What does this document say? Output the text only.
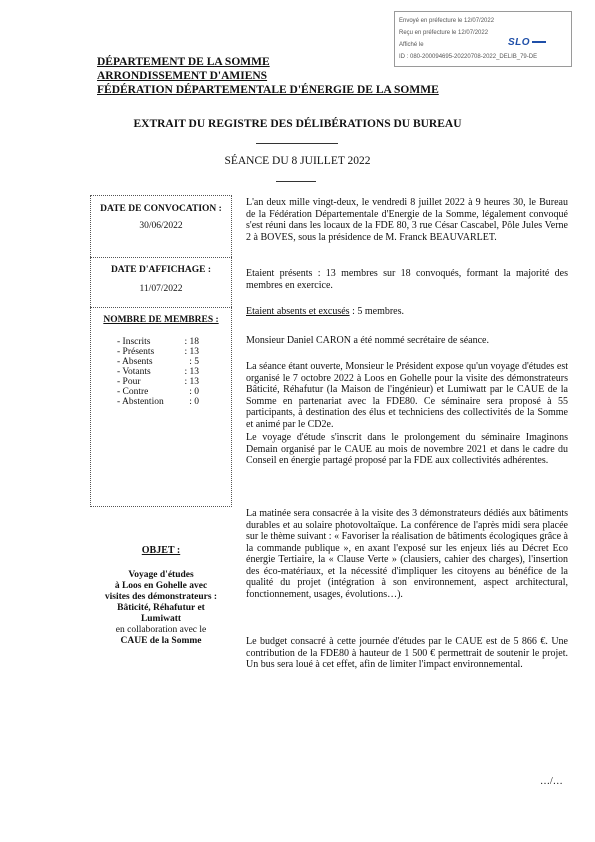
Envoyé en préfecture le 12/07/2022
Reçu en préfecture le 12/07/2022
Affiché le
ID : 080-200094695-20220708-2022_DELIB_79-DE
SLO
DÉPARTEMENT DE LA SOMME
ARRONDISSEMENT D'AMIENS
FÉDÉRATION DÉPARTEMENTALE D'ÉNERGIE DE LA SOMME
EXTRAIT DU REGISTRE DES DÉLIBÉRATIONS DU BUREAU
SÉANCE DU 8 JUILLET 2022
DATE DE CONVOCATION :
30/06/2022
DATE D'AFFICHAGE :
11/07/2022
NOMBRE DE MEMBRES :
- Inscrits	: 18
- Présents	: 13
- Absents	: 5
- Votants	: 13
- Pour	: 13
- Contre	: 0
- Abstention	: 0
OBJET :
Voyage d'études
à Loos en Gohelle avec
visites des démonstrateurs :
Bâticité, Réhafutur et
Lumiwatt
en collaboration avec le
CAUE de la Somme
L'an deux mille vingt-deux, le vendredi 8 juillet 2022 à 9 heures 30, le Bureau de la Fédération Départementale d'Energie de la Somme, légalement convoqué s'est réuni dans les locaux de la FDE 80, 3 rue César Cascabel, Pôle Jules Verne 2 à BOVES, sous la présidence de M. Franck BEAUVARLET.
Etaient présents : 13 membres sur 18 convoqués, formant la majorité des membres en exercice.
Etaient absents et excusés : 5 membres.
Monsieur Daniel CARON a été nommé secrétaire de séance.
La séance étant ouverte, Monsieur le Président expose qu'un voyage d'études est organisé le 7 octobre 2022 à Loos en Gohelle pour la visite des démonstrateurs Bâticité, Réhafutur (la Maison de l'ingénieur) et Lumiwatt par le CAUE de la Somme en partenariat avec la FDE80. Ce séminaire sera proposé à 55 participants, à destination des élus et techniciens des collectivités de la Somme et animé par le CD2e.
Le voyage d'étude s'inscrit dans le prolongement du séminaire Imaginons Demain organisé par le CAUE au mois de novembre 2021 et dans le cadre du Conseil en énergie partagé proposé par la FDE aux collectivités adhérentes.
La matinée sera consacrée à la visite des 3 démonstrateurs dédiés aux bâtiments durables et au solaire photovoltaïque. La conférence de l'après midi sera placée sur le thème suivant : « Favoriser la réalisation de bâtiments écologiques grâce à la commande publique », en axant l'exposé sur les enjeux liés au Décret Eco énergie Tertiaire, la « Clause Verte » (clausiers, cahier des charges), l'insertion des éco-matériaux, et la nécessité d'impliquer les citoyens au bénéfice de la qualité du projet (intégration à son environnement, aspect architectural, fonctionnement, usages, évolutions…).
Le budget consacré à cette journée d'études par le CAUE est de 5 866 €. Une contribution de la FDE80 à hauteur de 1 500 € permettrait de soutenir le projet. Un bus sera loué à cet effet, afin de limiter l'impact environnemental.
…/…
